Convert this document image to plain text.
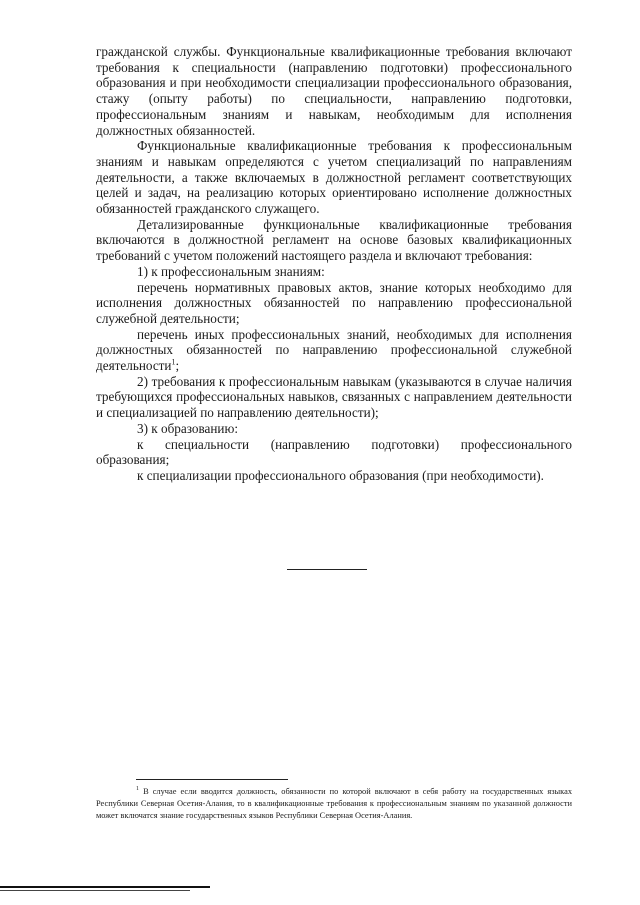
гражданской службы. Функциональные квалификационные требования включают требования к специальности (направлению подготовки) профессионального образования и при необходимости специализации профессионального образования, стажу (опыту работы) по специальности, направлению подготовки, профессиональным знаниям и навыкам, необходимым для исполнения должностных обязанностей.

Функциональные квалификационные требования к профессиональным знаниям и навыкам определяются с учетом специализаций по направлениям деятельности, а также включаемых в должностной регламент соответствующих целей и задач, на реализацию которых ориентировано исполнение должностных обязанностей гражданского служащего.

Детализированные функциональные квалификационные требования включаются в должностной регламент на основе базовых квалификационных требований с учетом положений настоящего раздела и включают требования:

1) к профессиональным знаниям:

перечень нормативных правовых актов, знание которых необходимо для исполнения должностных обязанностей по направлению профессиональной служебной деятельности;

перечень иных профессиональных знаний, необходимых для исполнения должностных обязанностей по направлению профессиональной служебной деятельности$^1$;

2) требования к профессиональным навыкам (указываются в случае наличия требующихся профессиональных навыков, связанных с направлением деятельности и специализацией по направлению деятельности);

3) к образованию:

к специальности (направлению подготовки) профессионального образования;

к специализации профессионального образования (при необходимости).

$^1$ В случае если вводится должность, обязанности по которой включают в себя работу на государственных языках Республики Северная Осетия-Алания, то в квалификационные требования к профессиональным знаниям по указанной должности может включатся знание государственных языков Республики Северная Осетия-Алания.
